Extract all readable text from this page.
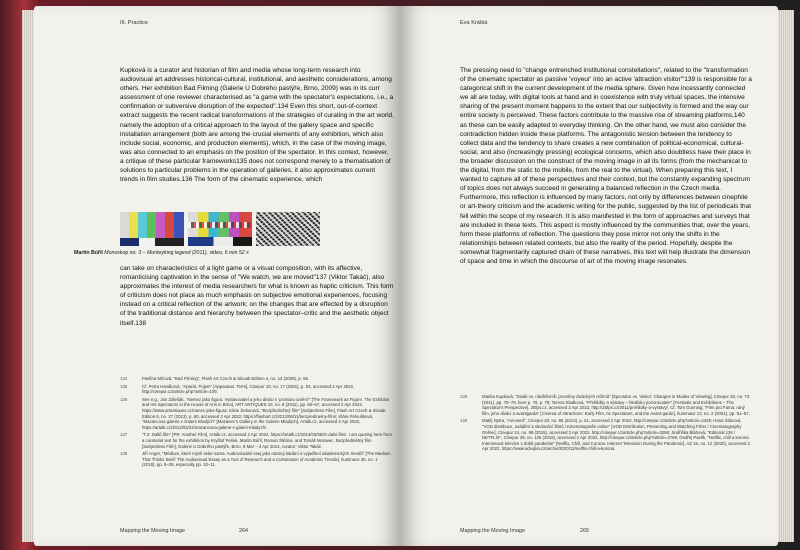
III. Practice

Kupková is a curator and historian of film and media whose long-term research into audiovisual art addresses historical-cultural, institutional, and aesthetic considerations, among others. Her exhibition Bad Filming (Galerie U Dobrého pastýře, Brno, 2009) was in its curr assessment of one reviewer characterised as "a game with the spectator's expectations, i.e., a confirmation or subversive disruption of the expected".134 Even this short, out-of-context extract suggests the recent radical transformations of the strategies of curating in the art world, namely the adoption of a critical approach to the layout of the gallery space and specific installation arrangement (both are among the crucial elements of any exhibition, which also include social, economic, and production elements), which, in the case of the moving image, was also connected to an emphasis on the position of the spectator. In this context, however, a critique of these particular frameworks135 does not correspond merely to a thematisation of solutions to particular problems in the operation of galleries, it also approximates current trends in film studies.136 The form of the cinematic experience, which

Martin Búřil Monoskop no. 3 – Monteyking legend (2011), video, 6 min 52 s

can take on characteristics of a light game or a visual composition, with its affective, romanticising captivation in the sense of "We watch, we are moved"137 (Viktor Takáč), also approximates the interest of media researchers for what is known as haptic criticism. This form of criticism does not place as much emphasis on subjective emotional experiences, focusing instead on a critical reflection of the artwork; on the changes that are effected by a disruption of the traditional distance and hierarchy between the spectator–critic and the aesthetic object itself.138

134	Pavlína Mičová, "Bad Filming", Flash Art Czech & Slovak Edition 4, no. 14 (2009), p. 55.
135	Cf. Petra Hanáková, "Aparát. Pojem" [Apparatus. Term], Cinepur 10, no. 17 (2001), p. 53, accessed 2 Apr 2022, http://cinepur.cz/article.php?article=109.
136	See e.g., Jan Zálešák, "Nemez jako figura. Vystavovatel a jeho diváci v 'prostoru umění'" [The Framework as Figure. The Exhibitor and His Spectators in the House of Arts in Brno], ART ANTIQUES 10, no. 8 (2011), pp. 66–67, accessed 2 Apr 2022, https://www.artantiques.cz/ramec-jako-figura; Silvie Šeborová, "Bezpředmětný film" [Subjectless Film], Flash Art Czech & Slovak Edition 6, no. 27 (2013), p. 60, accessed 2 Apr 2022, https://flashart.cz/2013/06/11/bezpredmetny-film/; Klára Peloušková, "Mazancova galerie v Galerii mladých" [Mazanec's Gallery in the Galerie Mladých], Artalk.cz, accessed 2 Apr 2022, https://artalk.cz/2012/02/22/mazancova-galerie-v-galerii-mladych/.
137	"T.Z. Dallů film" [PR: Another Film], Artalk.cz, accessed 2 Apr 2022, https://artalk.cz/2013/03/05/tz-dalsi-film/. I am quoting here from a curatorial text for the exhibition by Kryštof Pešek, Martin Búřil, Roman Štětina, and Tomáš Moravec, Bezpředmětný film [Subjectless Film], Galerie U Dobrého pastýře, Brno, 8 Mar – 3 Apr 2013, curator: Viktor Takáč.
138	Jiří Anger, "Médium, které myslí sebe sama: Audiovizuální esej jako nástroj bádání a vyjadření akademických trendů" [The Medium That Thinks Itself: The Audiovisual Essay as a Tool of Research and a Culmination of Academic Trends], Iluminace 30, no. 1 (2018), pp. 5–28, especially pp. 10–11.
Mapping the Moving Image	264
Eva Krátká

The pressing need to "change entrenched institutional constellations", related to the "transformation of the cinematic spectator as passive 'voyeur' into an active 'attraction visitor'"139 is responsible for a categorical shift in the current development of the media sphere. Given how incessantly connected we all are today, with digital tools at hand and in coexistence with truly virtual spaces, the intensive sharing of the present moment happens to the extent that our subjectivity is formed and the way our entire society is perceived. These factors contribute to the massive rise of streaming platforms,140 as these can be easily adapted to everyday thinking. On the other hand, we must also consider the contradiction hidden inside these platforms. The antagonistic tension between the tendency to collect data and the tendency to share creates a new combination of political-economical, cultural-social, and also (increasingly pressing) ecological concerns, which also doubtless have their place in the broader discussion on the construct of the moving image in all its forms (from the mechanical to the digital, from the static to the mobile, from the real to the virtual). When preparing this text, I wanted to capture all of these perspectives and their context, but the constantly expanding spectrum of topics does not always succeed in generating a balanced reflection in the Czech media. Furthermore, this reflection is influenced by many factors, not only by differences between cinephile or art-theory criticism and the academic writing for the public, suggested by the list of periodicals that fell within the scope of my research. It is also manifested in the form of approaches and surveys that are included in these texts. This aspect is mostly influenced by the communities that, over the years, form these platforms of reflection. The questions they pose mirror not only the shifts in the relationships between related contexts, but also the reality of the period. Hopefully, despite the somewhat fragmentarily captured chain of these narratives, this text will help illustrate the dimension of space and time in which the discourse of art of the moving image resonates.

139	Marika Kupková, "Divák vs. návštěvník: proměny diváckých režimů" [Spectator vs. Visitor: Changes in Modes of Viewing], Cinepur 20, no. 73 (2011), pp. 75–79, here p. 75, p. 78; Tereza Kladková, "Přehlídky a výstavy – hledisko pozorovatele" [Festivals and Exhibitions – The Spectator's Perspective], 25fps.cz, accessed 2 Apr 2022, http://25fps.cz/2011/prehlidky-a-vystavy/. Cf. Tom Gunning, "Film pro Fama: raný film, jeho diváci a avantgarda" [Cinema of Attractions: Early Film, Its Spectators, and the Avant-garde], Iluminace 13, no. 2 (2001), pp. 51–57.
140	Matěj Nytra, "Aeroveď", Cinepur 20, no. 85 (2013), p. 51, accessed 2 Apr 2022, http://cinepur.cz/article.php?article=2429; Hana Šilarová, "VOD distribuce, uvádění a sledování filmů / Kinematografie online" [VOD Distribution, Presenting and Watching Films / Cinematography Online], Cinepur 24, no. 98 (2015), accessed 2 Apr 2022, http://cinepur.cz/article.php?article=3258; Jindřiška Bláhová, "Editorial 126 / NETFLIX", Cinepur 28, no. 126 (2019), accessed 2 Apr 2022, http://cinepur.cz/article.php?article=4769; Ondřej Pavlík, "Netflix, chill a korona. Internetová televize v době pandemie" [Netflix, Chill, and Corona. Internet Television During the Pandemic], AZ 16, no. 12 (2020), accessed 2 Apr 2022, https://www.advojka.cz/archiv/2020/12/netflix-chill-a-korona.
Mapping the Moving Image	265
